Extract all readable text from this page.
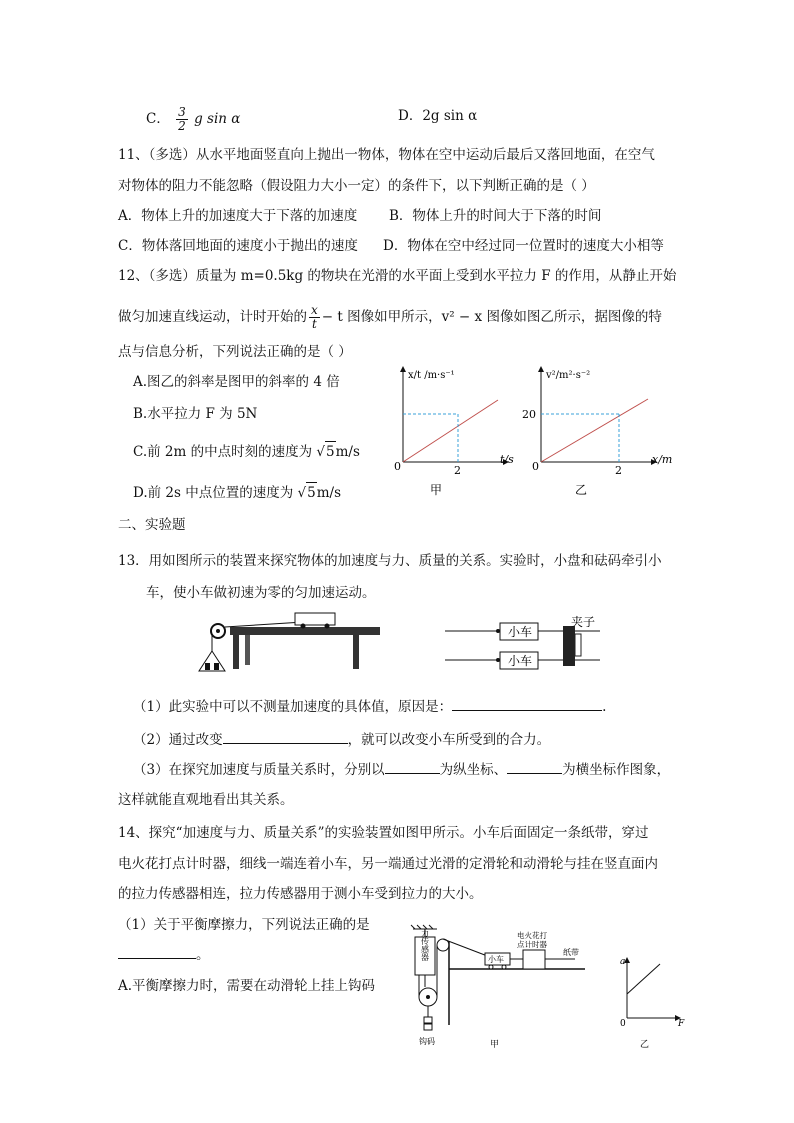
C． $\frac{3}{2}$ g sin α	D．2g sin α
11、（多选）从水平地面竖直向上抛出一物体，物体在空中运动后最后又落回地面，在空气
对物体的阻力不能忽略（假设阻力大小一定）的条件下，以下判断正确的是（ ）
A．物体上升的加速度大于下落的加速度 B．物体上升的时间大于下落的时间
C．物体落回地面的速度小于抛出的速度 D．物体在空中经过同一位置时的速度大小相等
12、（多选）质量为 m=0.5kg 的物块在光滑的水平面上受到水平拉力 F 的作用，从静止开始
做匀加速直线运动，计时开始的 $\frac{x}{t} - t$ 图像如甲所示，v² − x 图像如图乙所示，据图像的特
点与信息分析，下列说法正确的是（ ）
A.图乙的斜率是图甲的斜率的 4 倍
B.水平拉力 F 为 5N
C.前 2m 的中点时刻的速度为 √5m/s
D.前 2s 中点位置的速度为 √5m/s
x/t /m·s⁻¹
t/s
0	2
甲
v²/m²·s⁻²
x/m
20
0	2
乙
二、实验题
13．用如图所示的装置来探究物体的加速度与力、质量的关系。实验时，小盘和砝码牵引小
车，使小车做初速为零的匀加速运动。
小车
小车
夹子
（1）此实验中可以不测量加速度的具体值，原因是：	.
（2）通过改变	，就可以改变小车所受到的合力。
（3）在探究加速度与质量关系时，分别以	为纵坐标、	为横坐标作图象，
这样就能直观地看出其关系。
14、探究“加速度与力、质量关系”的实验装置如图甲所示。小车后面固定一条纸带，穿过
电火花打点计时器，细线一端连着小车，另一端通过光滑的定滑轮和动滑轮与挂在竖直面内
的拉力传感器相连，拉力传感器用于测小车受到拉力的大小。
（1）关于平衡摩擦力，下列说法正确的是
。
A.平衡摩擦力时，需要在动滑轮上挂上钩码
力传感器
钩码
小车
电火花打
点计时器
纸带
甲
a
F
0
乙
